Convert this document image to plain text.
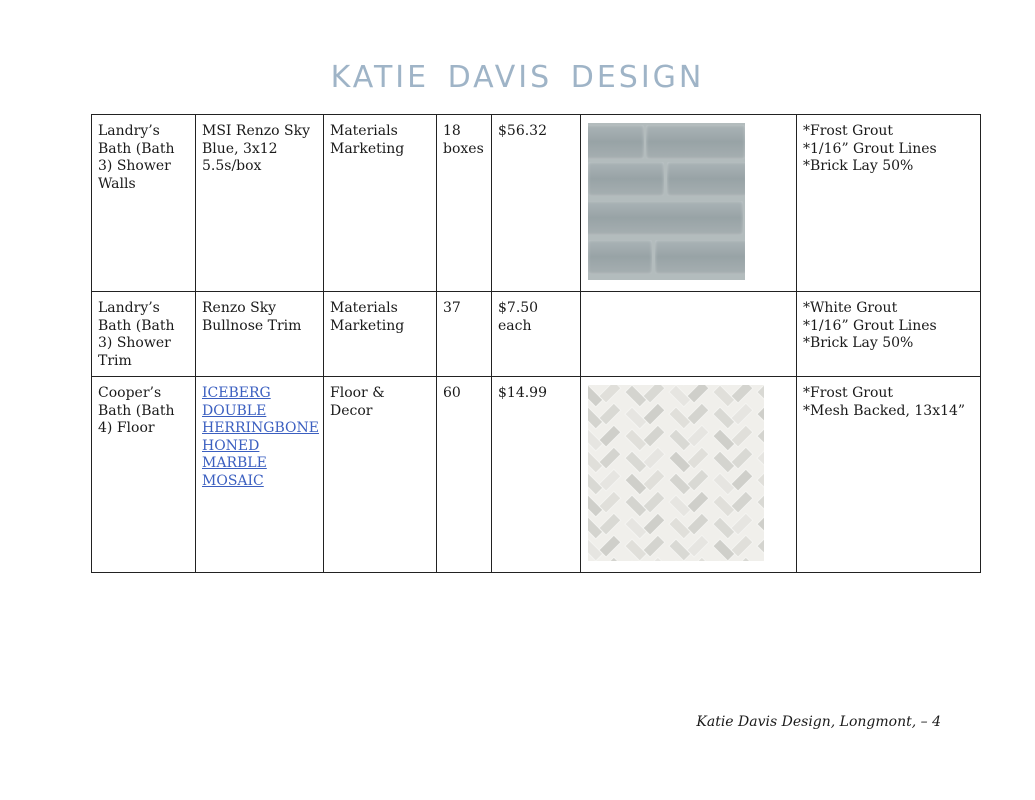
KATIE DAVIS DESIGN
Landry’s Bath (Bath 3) Shower Walls	MSI Renzo Sky Blue, 3x12 5.5s/box	Materials Marketing	18 boxes	$56.32		*Frost Grout
*1/16” Grout Lines
*Brick Lay 50%

Landry’s Bath (Bath 3) Shower Trim	Renzo Sky Bullnose Trim	Materials Marketing	37	$7.50 each		*White Grout
*1/16” Grout Lines
*Brick Lay 50%

Cooper’s Bath (Bath 4) Floor	ICEBERG DOUBLE HERRINGBONE HONED MARBLE MOSAIC	Floor & Decor	60	$14.99		*Frost Grout
*Mesh Backed, 13x14”
Katie Davis Design, Longmont, – 4
